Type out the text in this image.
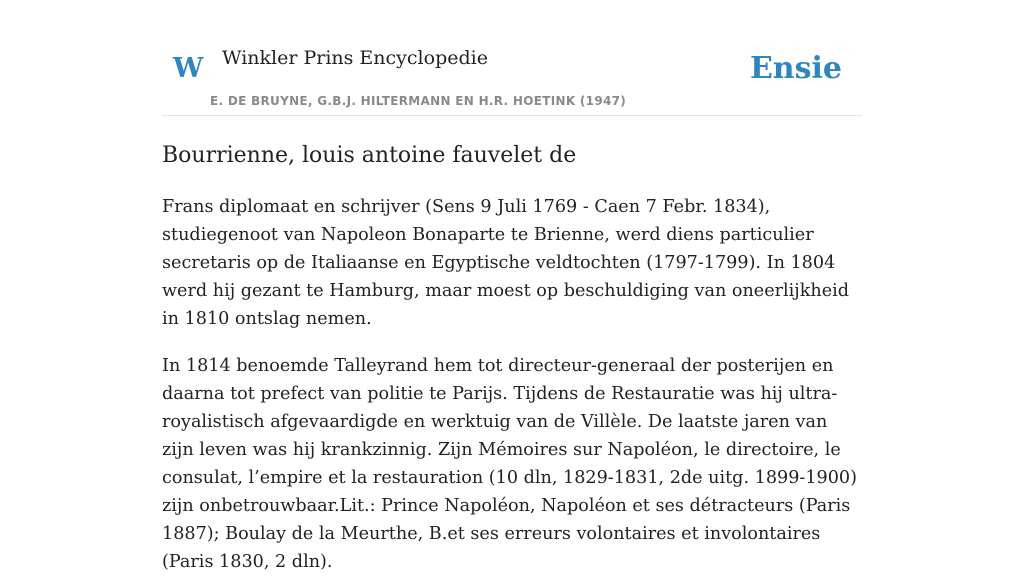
W Winkler Prins Encyclopedie
E. DE BRUYNE, G.B.J. HILTERMANN EN H.R. HOETINK (1947)
Ensie
Bourrienne, louis antoine fauvelet de

Frans diplomaat en schrijver (Sens 9 Juli 1769 - Caen 7 Febr. 1834), studiegenoot van Napoleon Bonaparte te Brienne, werd diens particulier secretaris op de Italiaanse en Egyptische veldtochten (1797-1799). In 1804 werd hij gezant te Hamburg, maar moest op beschuldiging van oneerlijkheid in 1810 ontslag nemen.

In 1814 benoemde Talleyrand hem tot directeur-generaal der posterijen en daarna tot prefect van politie te Parijs. Tijdens de Restauratie was hij ultra-royalistisch afgevaardigde en werktuig van de Villèle. De laatste jaren van zijn leven was hij krankzinnig. Zijn Mémoires sur Napoléon, le directoire, le consulat, l’empire et la restauration (10 dln, 1829-1831, 2de uitg. 1899-1900) zijn onbetrouwbaar.Lit.: Prince Napoléon, Napoléon et ses détracteurs (Paris 1887); Boulay de la Meurthe, B.et ses erreurs volontaires et involontaires (Paris 1830, 2 dln).
